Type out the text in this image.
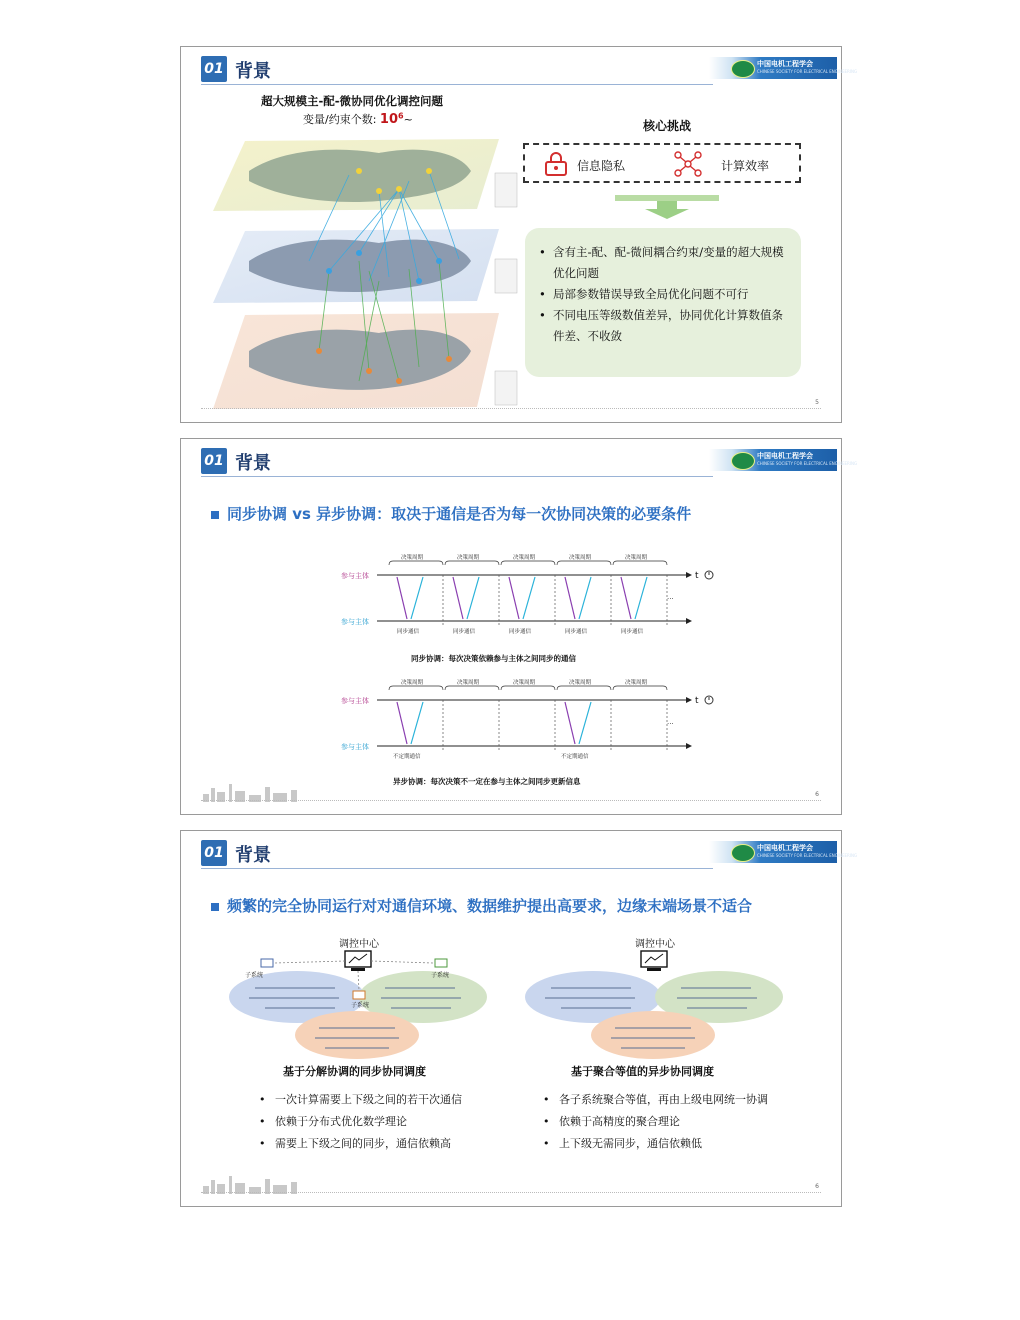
01 背景	中国电机工程学会
CHINESE SOCIETY FOR ELECTRICAL ENGINEERING
超大规模主-配-微协同优化调控问题
变量/约束个数: $10^6\sim$	核心挑战
信息隐私	计算效率
• 含有主-配、配-微间耦合约束/变量的超大规模优化问题
• 局部参数错误导致全局优化问题不可行
• 不同电压等级数值差异，协同优化计算数值条件差、不收敛
5
01 背景	中国电机工程学会
CHINESE SOCIETY FOR ELECTRICAL ENGINEERING
同步协调 vs 异步协调：取决于通信是否为每一次协同决策的必要条件
参与主体
参与主体
t
...
决策周期
同步通信
决策周期
同步通信
决策周期
同步通信
决策周期
同步通信
决策周期
同步通信
同步协调：每次决策依赖参与主体之间同步的通信
参与主体
参与主体
t
...
决策周期	决策周期	决策周期	决策周期	决策周期
不定期通信	不定期通信
异步协调：每次决策不一定在参与主体之间同步更新信息
6
01 背景	中国电机工程学会
CHINESE SOCIETY FOR ELECTRICAL ENGINEERING
频繁的完全协同运行对对通信环境、数据维护提出高要求，边缘末端场景不适合
调控中心
子系统	子系统
子系统
基于分解协调的同步协同调度
• 一次计算需要上下级之间的若干次通信
• 依赖于分布式优化数学理论
• 需要上下级之间的同步，通信依赖高
调控中心
基于聚合等值的异步协同调度
• 各子系统聚合等值，再由上级电网统一协调
• 依赖于高精度的聚合理论
• 上下级无需同步，通信依赖低
6
